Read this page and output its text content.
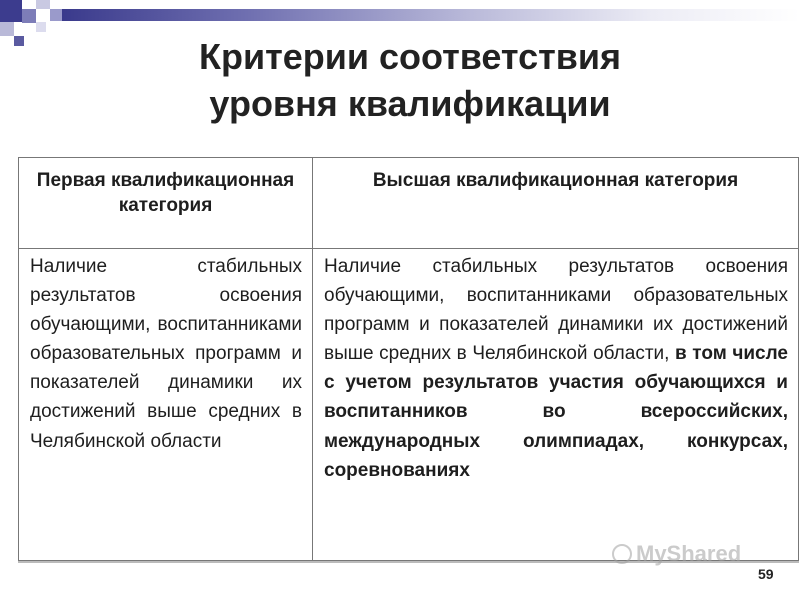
Критерии соответствия
уровня квалификации
Первая квалификационная категория	Высшая квалификационная категория
Наличие стабильных результатов освоения обучающими, воспитанниками образовательных программ и показателей динамики их достижений выше средних в Челябинской области	Наличие стабильных результатов освоения обучающими, воспитанниками образовательных программ и показателей динамики их достижений выше средних в Челябинской области, в том числе с учетом результатов участия обучающихся и воспитанников во всероссийских, международных олимпиадах, конкурсах, соревнованиях
MyShared
59
